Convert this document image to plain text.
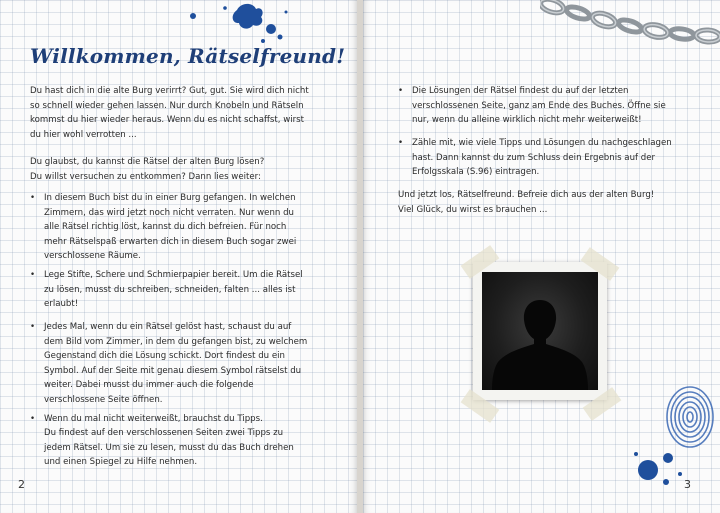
Willkommen, Rätselfreund!

Du hast dich in die alte Burg verirrt? Gut, gut. Sie wird dich nicht so schnell wieder gehen lassen. Nur durch Knobeln und Rätseln kommst du hier wieder heraus. Wenn du es nicht schaffst, wirst du hier wohl verrotten ...

Du glaubst, du kannst die Rätsel der alten Burg lösen?

Du willst versuchen zu entkommen? Dann lies weiter:

• In diesem Buch bist du in einer Burg gefangen. In welchen Zimmern, das wird jetzt noch nicht verraten. Nur wenn du alle Rätsel richtig löst, kannst du dich befreien. Für noch mehr Rätselspaß erwarten dich in diesem Buch sogar zwei verschlossene Räume.

• Lege Stifte, Schere und Schmierpapier bereit. Um die Rätsel zu lösen, musst du schreiben, schneiden, falten ... alles ist erlaubt!

• Jedes Mal, wenn du ein Rätsel gelöst hast, schaust du auf dem Bild vom Zimmer, in dem du gefangen bist, zu welchem Gegenstand dich die Lösung schickt. Dort findest du ein Symbol. Auf der Seite mit genau diesem Symbol rätselst du weiter. Dabei musst du immer auch die folgende verschlossene Seite öffnen.

• Wenn du mal nicht weiterweißt, brauchst du Tipps.

Du findest auf den verschlossenen Seiten zwei Tipps zu jedem Rätsel. Um sie zu lesen, musst du das Buch drehen und einen Spiegel zu Hilfe nehmen.

2
• Die Lösungen der Rätsel findest du auf der letzten verschlossenen Seite, ganz am Ende des Buches. Öffne sie nur, wenn du alleine wirklich nicht mehr weiterweißt!

• Zähle mit, wie viele Tipps und Lösungen du nachgeschlagen hast. Dann kannst du zum Schluss dein Ergebnis auf der Erfolgsskala (S.96) eintragen.

Und jetzt los, Rätselfreund. Befreie dich aus der alten Burg!

Viel Glück, du wirst es brauchen ...

3
